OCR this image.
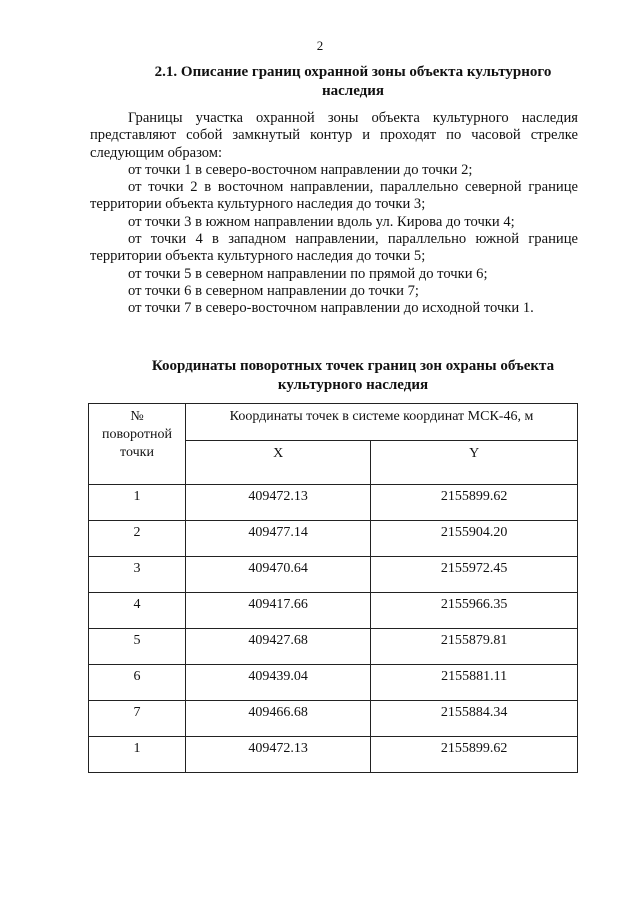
2
2.1. Описание границ охранной зоны объекта культурного
наследия

Границы участка охранной зоны объекта культурного наследия

представляют собой замкнутый контур и проходят по часовой стрелке

следующим образом:

от точки 1 в северо-восточном направлении до точки 2;

от точки 2 в восточном направлении, параллельно северной границе

территории объекта культурного наследия до точки 3;

от точки 3 в южном направлении вдоль ул. Кирова до точки 4;

от точки 4 в западном направлении, параллельно южной границе

территории объекта культурного наследия до точки 5;

от точки 5 в северном направлении по прямой до точки 6;

от точки 6 в северном направлении до точки 7;

от точки 7 в северо-восточном направлении до исходной точки 1.

Координаты поворотных точек границ зон охраны объекта
культурного наследия
№
поворотной
точки	Координаты точек в системе координат МСК-46, м	
	X	Y
1	409472.13	2155899.62
2	409477.14	2155904.20
3	409470.64	2155972.45
4	409417.66	2155966.35
5	409427.68	2155879.81
6	409439.04	2155881.11
7	409466.68	2155884.34
1	409472.13	2155899.62
